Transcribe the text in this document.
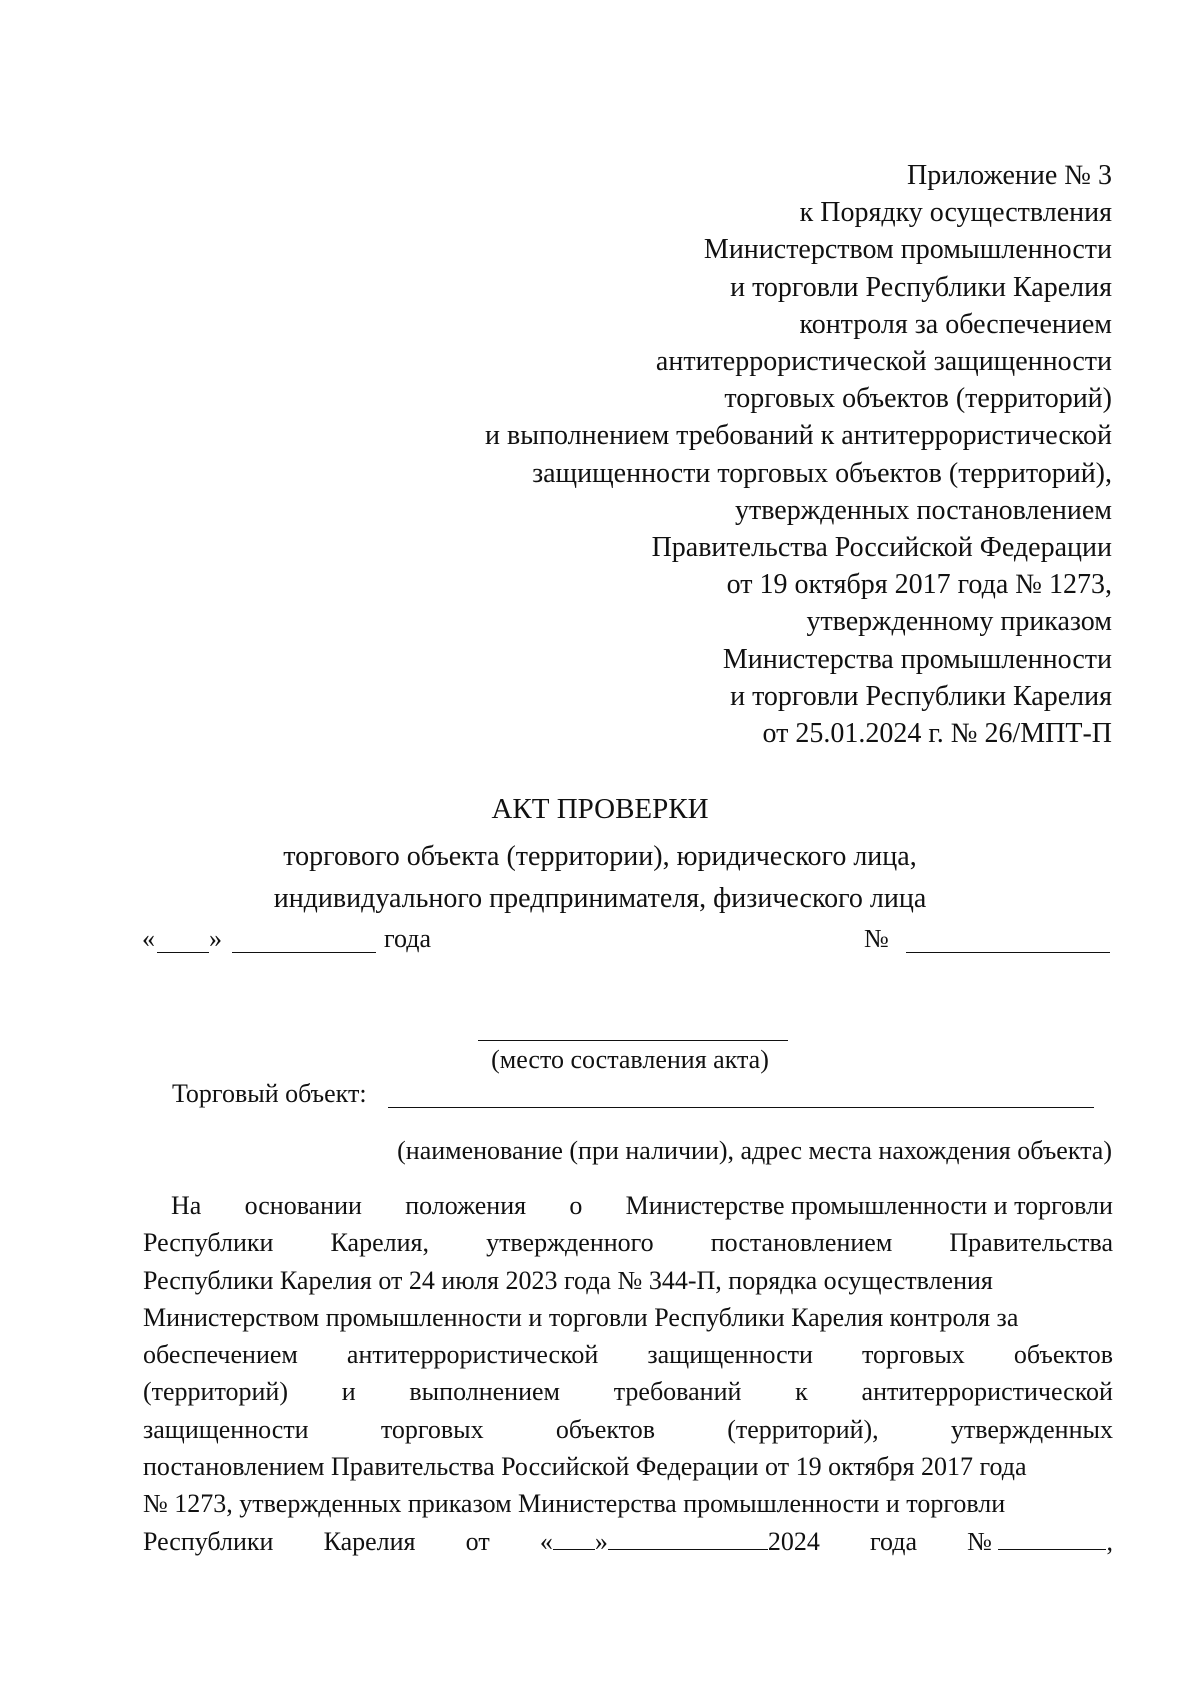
Приложение № 3
к Порядку осуществления
Министерством промышленности
и торговли Республики Карелия
контроля за обеспечением
антитеррористической защищенности
торговых объектов (территорий)
и выполнением требований к антитеррористической
защищенности торговых объектов (территорий),
утвержденных постановлением
Правительства Российской Федерации
от 19 октября 2017 года № 1273,
утвержденному приказом
Министерства промышленности
и торговли Республики Карелия
от 25.01.2024 г. № 26/МПТ-П
АКТ ПРОВЕРКИ
торгового объекта (территории), юридического лица,
индивидуального предпринимателя, физического лица
« »	года	№
(место составления акта)
Торговый объект:
(наименование (при наличии), адрес места нахождения объекта)
На основании положения о Министерстве промышленности и торговли
Республики Карелия, утвержденного постановлением Правительства
Республики Карелия от 24 июля 2023 года № 344-П, порядка осуществления
Министерством промышленности и торговли Республики Карелия контроля за
обеспечением антитеррористической защищенности торговых объектов
(территорий) и выполнением требований к антитеррористической
защищенности	торговых	объектов	(территорий),	утвержденных
постановлением Правительства Российской Федерации от 19 октября 2017 года
№ 1273, утвержденных приказом Министерства промышленности и торговли
Республики Карелия от « »	2024 года №	,
